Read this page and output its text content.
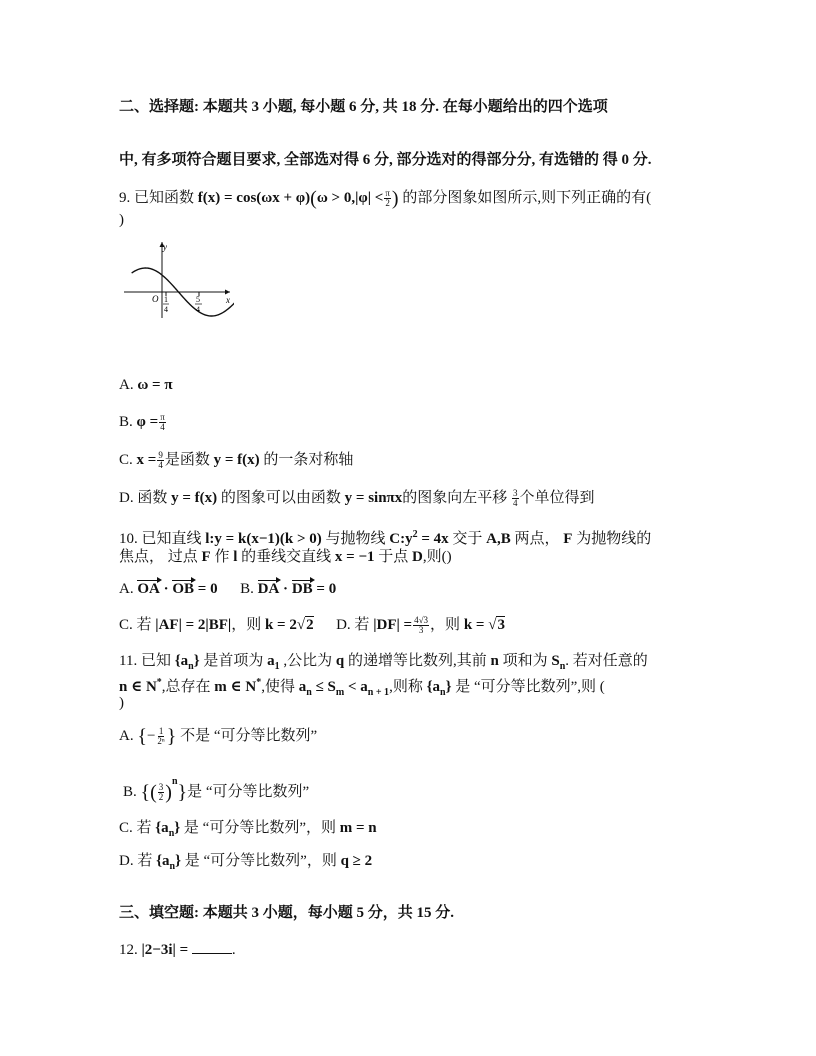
二、选择题: 本题共 3 小题, 每小题 6 分, 共 18 分. 在每小题给出的四个选项
中, 有多项符合题目要求, 全部选对得 6 分, 部分选对的得部分分, 有选错的 得 0 分.
9. 已知函数 $f(x) = \cos(\omega x + \varphi)(\omega > 0,|\varphi| < \frac{\pi}{2}$ ) 的部分图象如图所示,则下列正确的有(
)
y
x
O 1
4
5
4
A. ω = π
B. $\varphi = \frac{\pi}{4}$
C. $x = \frac{9}{4}$ 是函数 y = f(x) 的一条对称轴
D. 函数 y = f(x) 的图象可以由函数 y = sinπx的图象向左平移 $\frac{3}{4}$ 个单位得到
10. 已知直线 l:y = k(x−1)(k > 0) 与抛物线 $C:y^2 = 4x$ 交于 A,B 两点， F 为抛物线的
焦点， 过点 F 作 l 的垂线交直线 x = −1 于点 D,则()
A. OA · OB = 0 B. DA · DB = 0
C. 若 |AF| = 2|BF|，则 k = 2√2 D. 若 $|DF| = \frac{4√3}{3}$ ，则 k = √3
11. 已知 $\{a_n\}$ 是首项为 $a_1$ ,公比为 q 的递增等比数列,其前 n 项和为 $S_n$. 若对任意的
n ∈ N*,总存在 m ∈ N*,使得 $a_n \le S_m < a_{n + 1}$,则称 $\{a_n\}$ 是 “可分等比数列”,则 (
)
A. {− $\frac{1}{\text{2ⁿ}}$ } 不是 “可分等比数列”
B. {( $\frac{3}{2} )^n$}是 “可分等比数列”
C. 若 $\{a_n\}$ 是 “可分等比数列”，则 m = n
D. 若 $\{a_n\}$ 是 “可分等比数列”，则 q ≥ 2
三、填空题: 本题共 3 小题，每小题 5 分，共 15 分.
12. |2−3i| =	.
